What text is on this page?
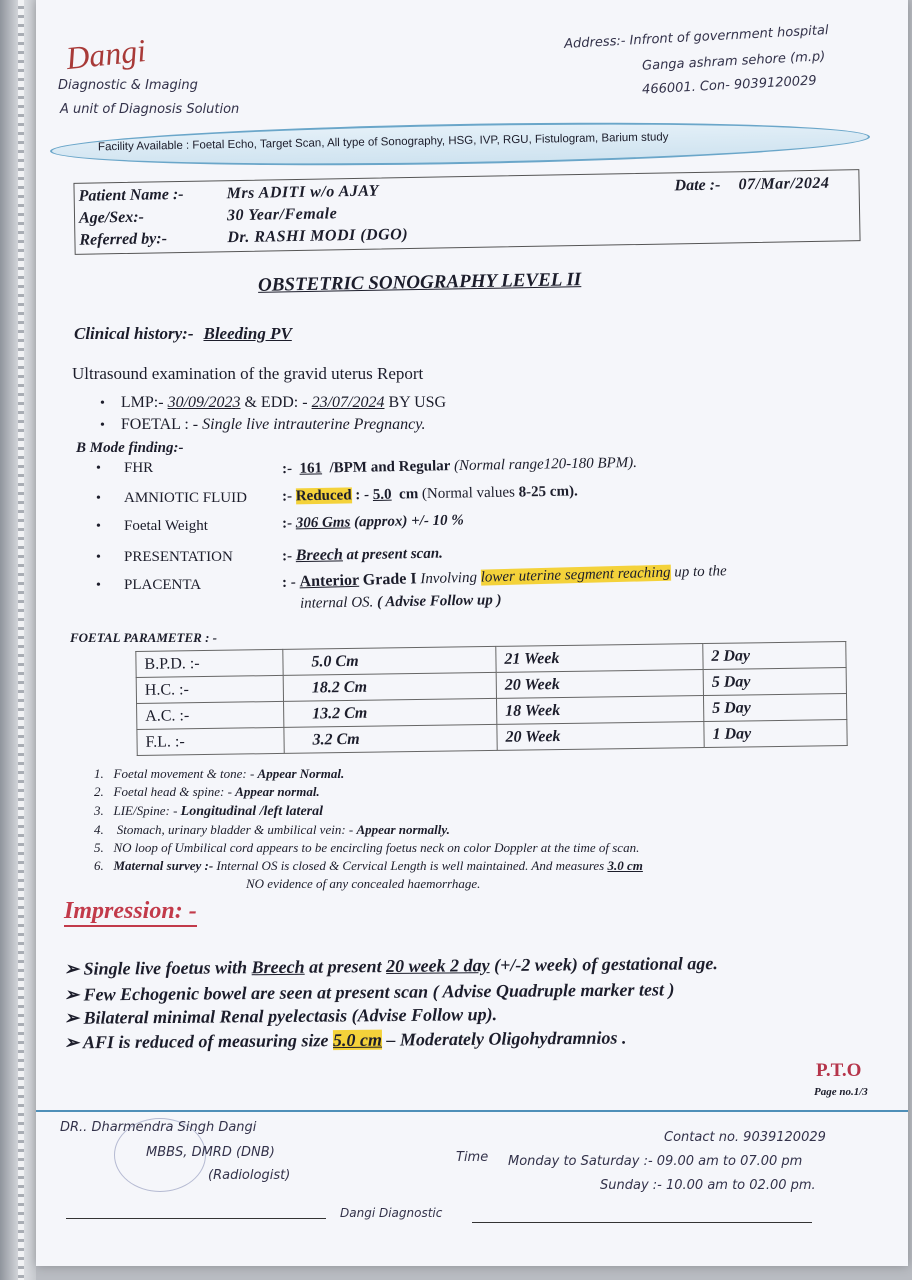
Dangi
Diagnostic & Imaging
A unit of Diagnosis Solution
Address:- Infront of government hospital
Ganga ashram sehore (m.p)
466001. Con- 9039120029
Facility Available : Foetal Echo, Target Scan, All type of Sonography, HSG, IVP, RGU, Fistulogram, Barium study
Patient Name :-	Mrs ADITI w/o AJAY
Age/Sex:-	30 Year/Female
Referred by:-	Dr. RASHI MODI (DGO)
Date :- 07/Mar/2024
OBSTETRIC SONOGRAPHY LEVEL II
Clinical history:- Bleeding PV
Ultrasound examination of the gravid uterus Report
• LMP:- 30/09/2023 & EDD: - 23/07/2024 BY USG
• FOETAL : - Single live intrauterine Pregnancy.
B Mode finding:-
• FHR	:- 161 /BPM and Regular (Normal range120-180 BPM).
• AMNIOTIC FLUID :- Reduced : - 5.0 cm (Normal values 8-25 cm).
• Foetal Weight	:- 306 Gms (approx) +/- 10 %
• PRESENTATION	:- Breech at present scan.
• PLACENTA	: - Anterior Grade I Involving lower uterine segment reaching up to the
internal OS. ( Advise Follow up )
FOETAL PARAMETER : -
B.P.D. :-	5.0 Cm	21 Week	2 Day
H.C. :-	18.2 Cm	20 Week	5 Day
A.C. :-	13.2 Cm	18 Week	5 Day
F.L. :-	3.2 Cm	20 Week	1 Day
1. Foetal movement & tone: - Appear Normal.
2. Foetal head & spine: - Appear normal.
3. LIE/Spine: - Longitudinal /left lateral
4. Stomach, urinary bladder & umbilical vein: - Appear normally.
5. NO loop of Umbilical cord appears to be encircling foetus neck on color Doppler at the time of scan.
6. Maternal survey :- Internal OS is closed & Cervical Length is well maintained. And measures 3.0 cm
NO evidence of any concealed haemorrhage.
Impression: -
➢ Single live foetus with Breech at present 20 week 2 day (+/-2 week) of gestational age.
➢ Few Echogenic bowel are seen at present scan ( Advise Quadruple marker test )
➢ Bilateral minimal Renal pyelectasis (Advise Follow up).
➢ AFI is reduced of measuring size 5.0 cm – Moderately Oligohydramnios .
P.T.O
Page no.1/3
DR.. Dharmendra Singh Dangi
MBBS, DMRD (DNB)
(Radiologist)
Contact no. 9039120029
Time Monday to Saturday :- 09.00 am to 07.00 pm
Sunday :- 10.00 am to 02.00 pm.
Dangi Diagnostic
